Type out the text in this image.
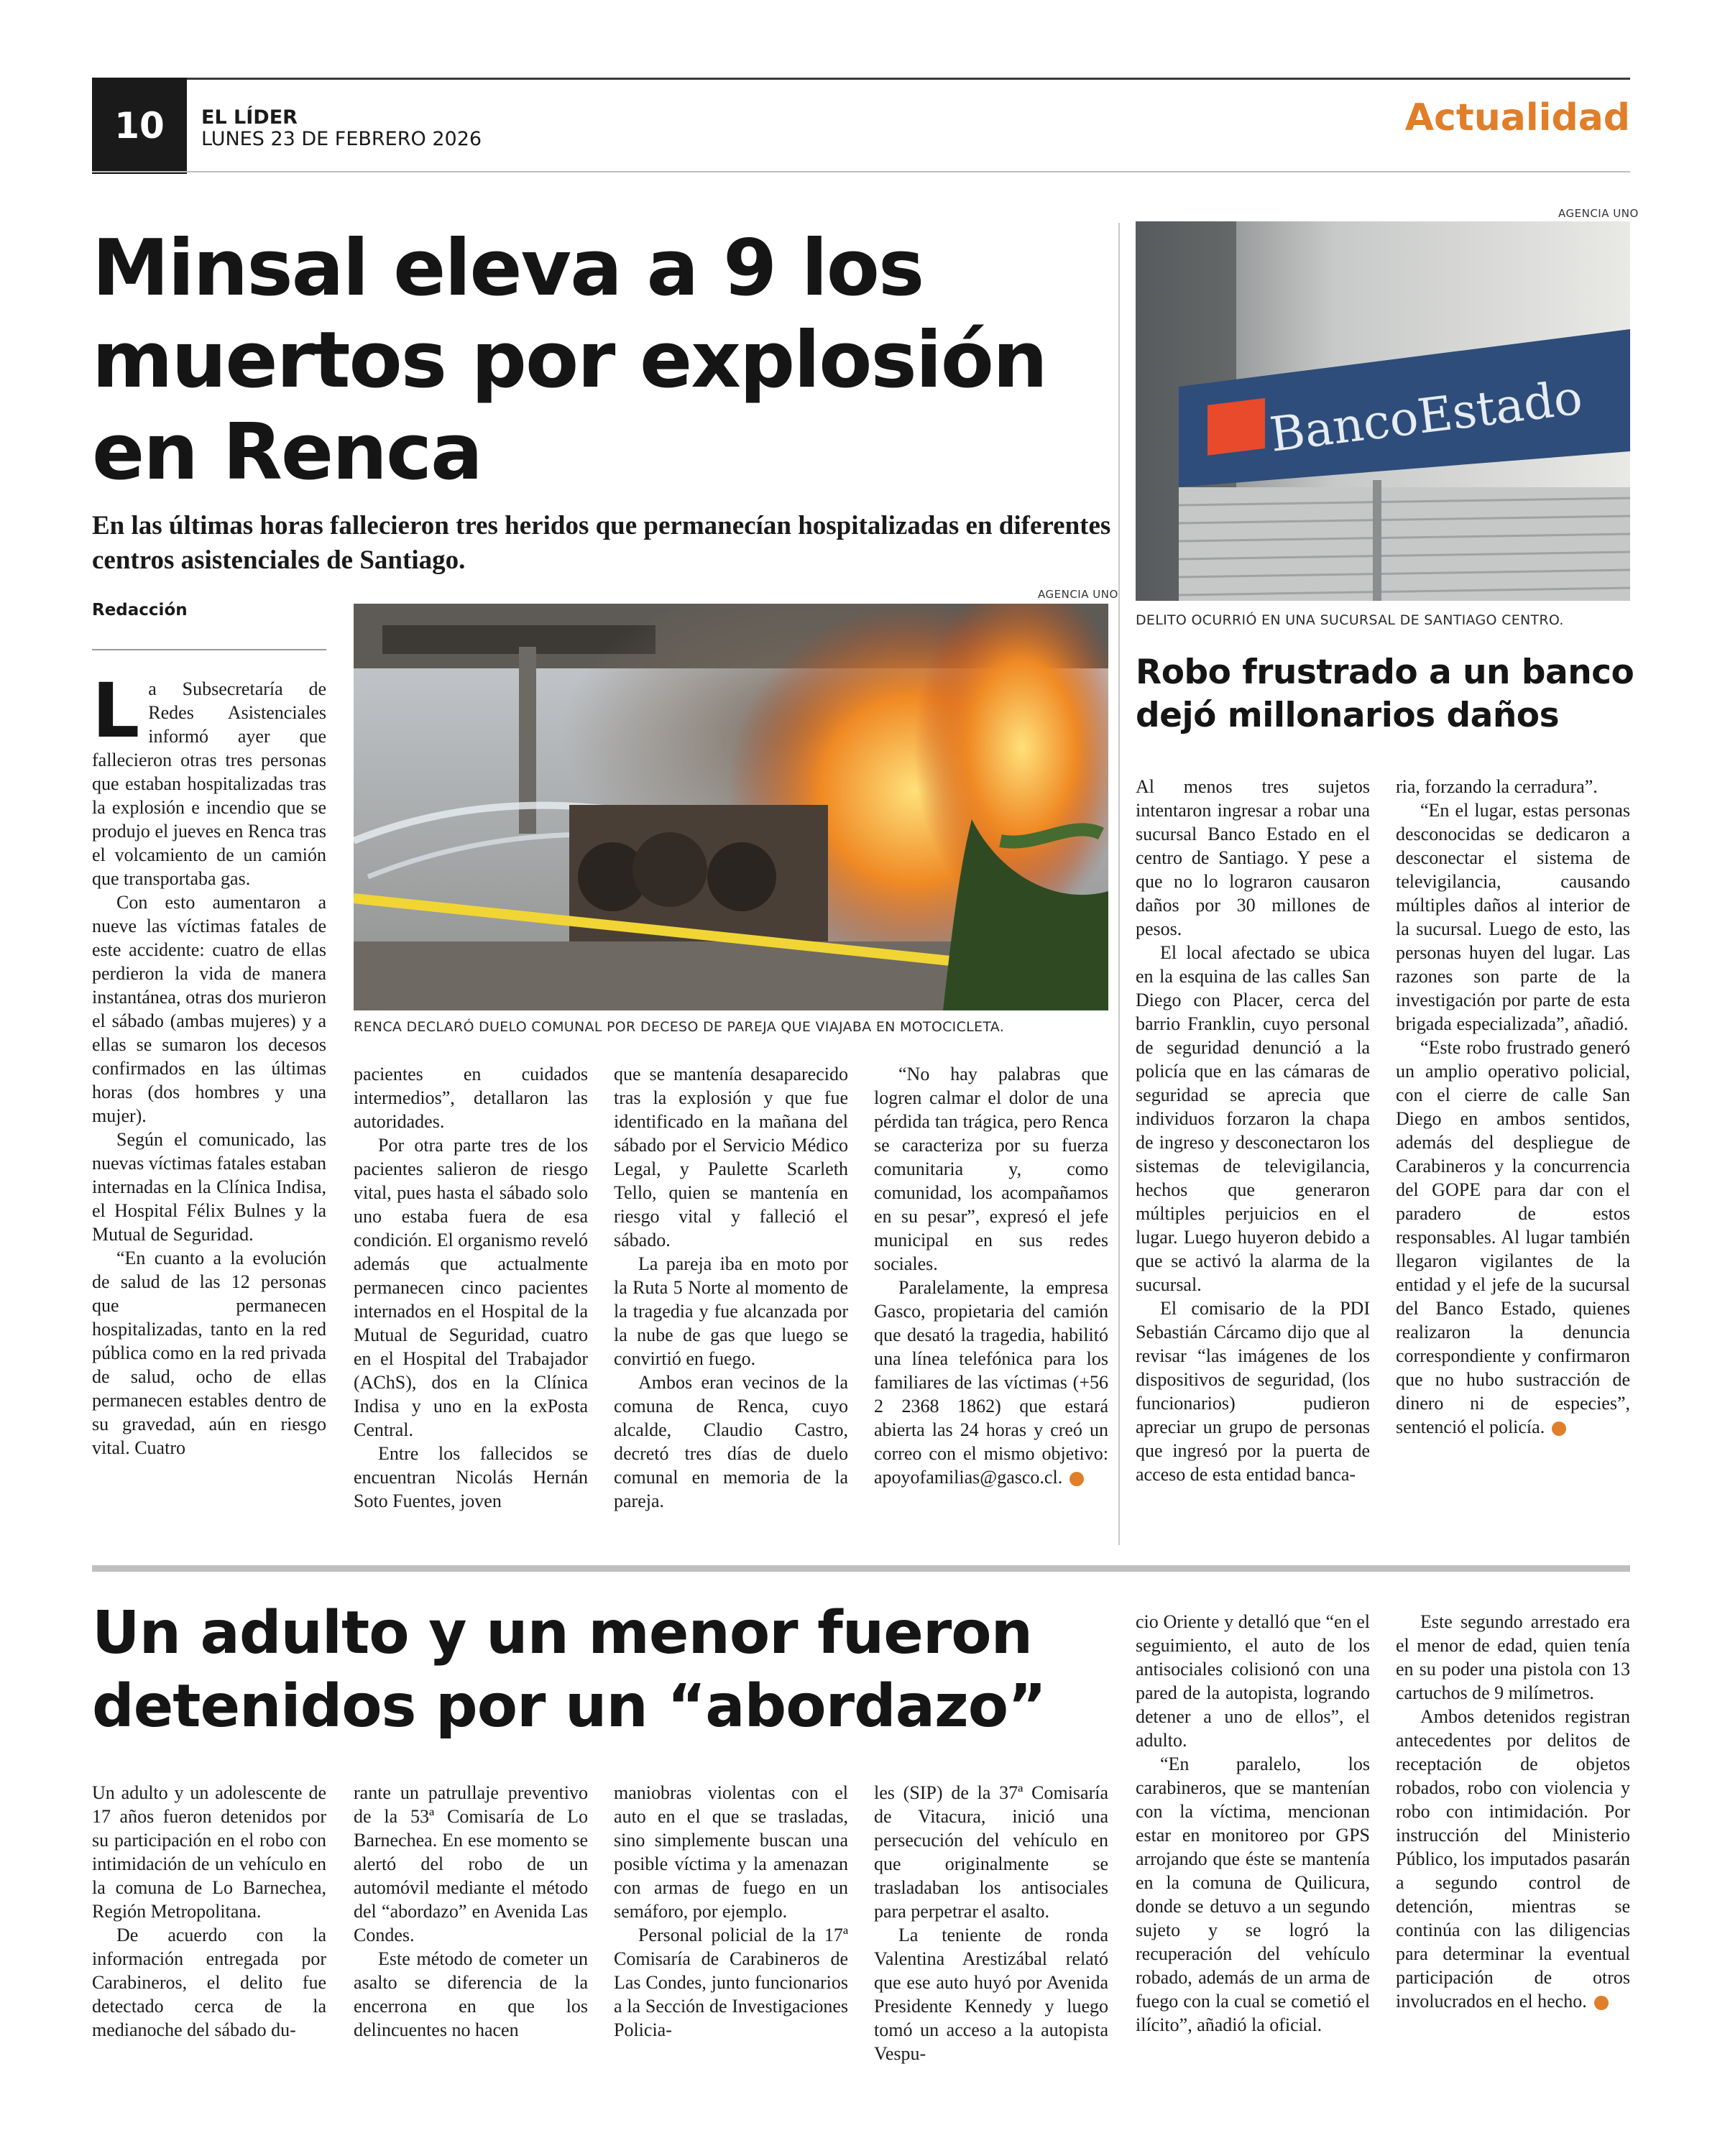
10	EL LÍDER
LUNES 23 DE FEBRERO 2026	Actualidad
Minsal eleva a 9 los muertos por explosión en Renca
En las últimas horas fallecieron tres heridos que permanecían hospitalizadas en diferentes centros asistenciales de Santiago.
Redacción
AGENCIA UNO
RENCA DECLARÓ DUELO COMUNAL POR DECESO DE PAREJA QUE VIAJABA EN MOTOCICLETA.

La Subsecretaría de Redes Asistenciales informó ayer que fallecieron otras tres personas que estaban hospitalizadas tras la explosión e incendio que se produjo el jueves en Renca tras el volcamiento de un camión que transportaba gas.

Con esto aumentaron a nueve las víctimas fatales de este accidente: cuatro de ellas perdieron la vida de manera instantánea, otras dos murieron el sábado (ambas mujeres) y a ellas se sumaron los decesos confirmados en las últimas horas (dos hombres y una mujer).

Según el comunicado, las nuevas víctimas fatales estaban internadas en la Clínica Indisa, el Hospital Félix Bulnes y la Mutual de Seguridad.

“En cuanto a la evolución de salud de las 12 personas que permanecen hospitalizadas, tanto en la red pública como en la red privada de salud, ocho de ellas permanecen estables dentro de su gravedad, aún en riesgo vital. Cuatro

pacientes en cuidados intermedios”, detallaron las autoridades.

Por otra parte tres de los pacientes salieron de riesgo vital, pues hasta el sábado solo uno estaba fuera de esa condición. El organismo reveló además que actualmente permanecen cinco pacientes internados en el Hospital de la Mutual de Seguridad, cuatro en el Hospital del Trabajador (AChS), dos en la Clínica Indisa y uno en la exPosta Central.

Entre los fallecidos se encuentran Nicolás Hernán Soto Fuentes, joven

que se mantenía desaparecido tras la explosión y que fue identificado en la mañana del sábado por el Servicio Médico Legal, y Paulette Scarleth Tello, quien se mantenía en riesgo vital y falleció el sábado.

La pareja iba en moto por la Ruta 5 Norte al momento de la tragedia y fue alcanzada por la nube de gas que luego se convirtió en fuego.

Ambos eran vecinos de la comuna de Renca, cuyo alcalde, Claudio Castro, decretó tres días de duelo comunal en memoria de la pareja.

“No hay palabras que logren calmar el dolor de una pérdida tan trágica, pero Renca se caracteriza por su fuerza comunitaria y, como comunidad, los acompañamos en su pesar”, expresó el jefe municipal en sus redes sociales.

Paralelamente, la empresa Gasco, propietaria del camión que desató la tragedia, habilitó una línea telefónica para los familiares de las víctimas (+56 2 2368 1862) que estará abierta las 24 horas y creó un correo con el mismo objetivo: apoyofamilias@gasco.cl.	✚

AGENCIA UNO
BancoEstado
DELITO OCURRIÓ EN UNA SUCURSAL DE SANTIAGO CENTRO.
Robo frustrado a un banco dejó millonarios daños

Al menos tres sujetos intentaron ingresar a robar una sucursal Banco Estado en el centro de Santiago. Y pese a que no lo lograron causaron daños por 30 millones de pesos.

El local afectado se ubica en la esquina de las calles San Diego con Placer, cerca del barrio Franklin, cuyo personal de seguridad denunció a la policía que en las cámaras de seguridad se aprecia que individuos forzaron la chapa de ingreso y desconectaron los sistemas de televigilancia, hechos que generaron múltiples perjuicios en el lugar. Luego huyeron debido a que se activó la alarma de la sucursal.

El comisario de la PDI Sebastián Cárcamo dijo que al revisar “las imágenes de los dispositivos de seguridad, (los funcionarios) pudieron apreciar un grupo de personas que ingresó por la puerta de acceso de esta entidad banca-

ria, forzando la cerradura”.

“En el lugar, estas personas desconocidas se dedicaron a desconectar el sistema de televigilancia, causando múltiples daños al interior de la sucursal. Luego de esto, las personas huyen del lugar. Las razones son parte de la investigación por parte de esta brigada especializada”, añadió.

“Este robo frustrado generó un amplio operativo policial, con el cierre de calle San Diego en ambos sentidos, además del despliegue de Carabineros y la concurrencia del GOPE para dar con el paradero de estos responsables. Al lugar también llegaron vigilantes de la entidad y el jefe de la sucursal del Banco Estado, quienes realizaron la denuncia correspondiente y confirmaron que no hubo sustracción de dinero ni de especies”, sentenció el policía.	✚

Un adulto y un menor fueron detenidos por un “abordazo”

Un adulto y un adolescente de 17 años fueron detenidos por su participación en el robo con intimidación de un vehículo en la comuna de Lo Barnechea, Región Metropolitana.

De acuerdo con la información entregada por Carabineros, el delito fue detectado cerca de la medianoche del sábado du-

rante un patrullaje preventivo de la 53ª Comisaría de Lo Barnechea. En ese momento se alertó del robo de un automóvil mediante el método del “abordazo” en Avenida Las Condes.

Este método de cometer un asalto se diferencia de la encerrona en que los delincuentes no hacen

maniobras violentas con el auto en el que se trasladas, sino simplemente buscan una posible víctima y la amenazan con armas de fuego en un semáforo, por ejemplo.

Personal policial de la 17ª Comisaría de Carabineros de Las Condes, junto funcionarios a la Sección de Investigaciones Policia-

les (SIP) de la 37ª Comisaría de Vitacura, inició una persecución del vehículo en que originalmente se trasladaban los antisociales para perpetrar el asalto.

La teniente de ronda Valentina Arestizábal relató que ese auto huyó por Avenida Presidente Kennedy y luego tomó un acceso a la autopista Vespu-

cio Oriente y detalló que “en el seguimiento, el auto de los antisociales colisionó con una pared de la autopista, logrando detener a uno de ellos”, el adulto.

“En paralelo, los carabineros, que se mantenían con la víctima, mencionan estar en monitoreo por GPS arrojando que éste se mantenía en la comuna de Quilicura, donde se detuvo a un segundo sujeto y se logró la recuperación del vehículo robado, además de un arma de fuego con la cual se cometió el ilícito”, añadió la oficial.

Este segundo arrestado era el menor de edad, quien tenía en su poder una pistola con 13 cartuchos de 9 milímetros.

Ambos detenidos registran antecedentes por delitos de receptación de objetos robados, robo con violencia y robo con intimidación. Por instrucción del Ministerio Público, los imputados pasarán a segundo control de detención, mientras se continúa con las diligencias para determinar la eventual participación de otros involucrados en el hecho.	✚
